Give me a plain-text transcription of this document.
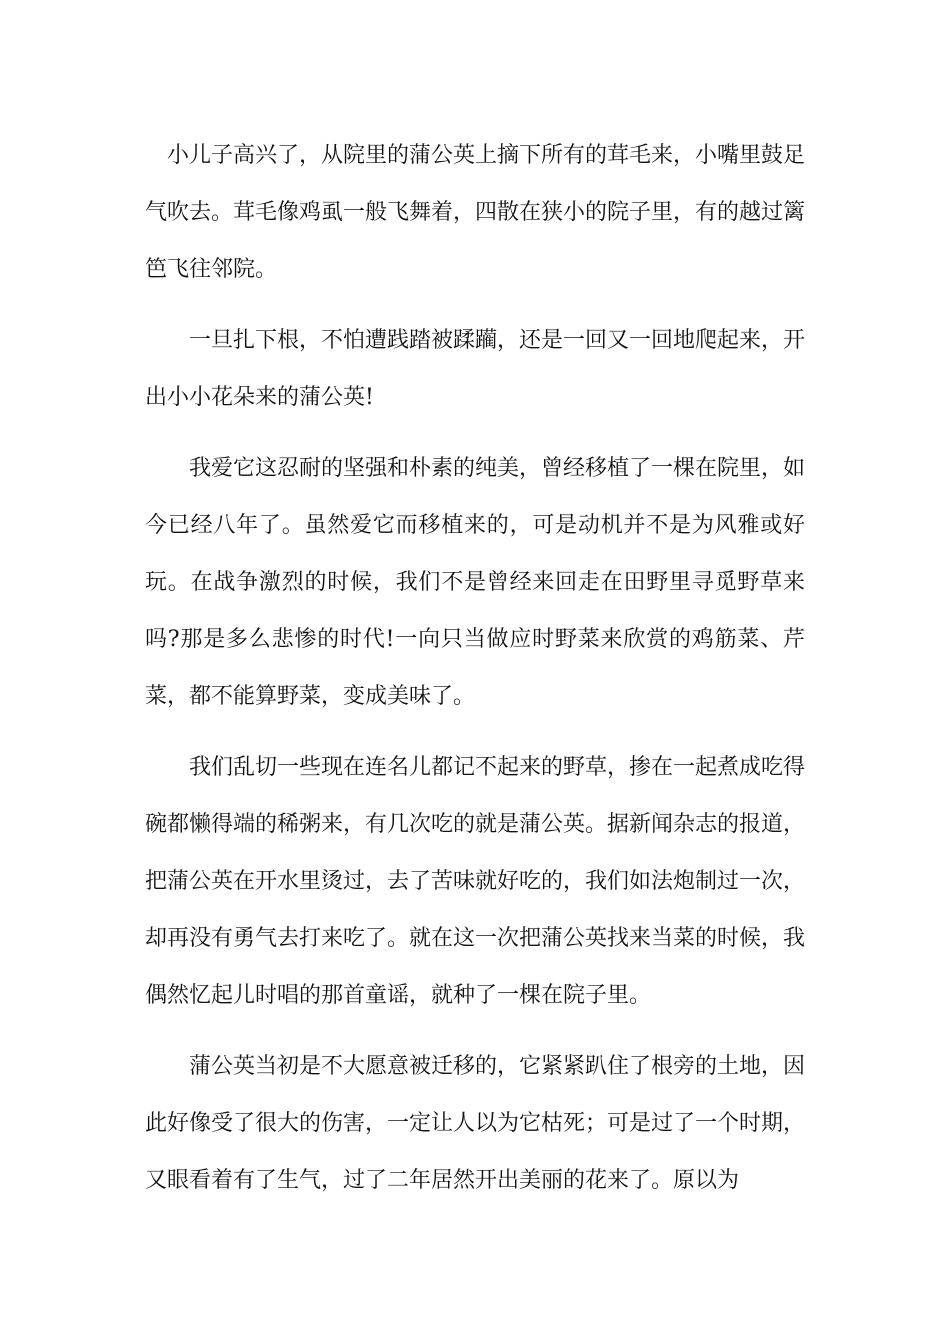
小儿子高兴了，从院里的蒲公英上摘下所有的茸毛来，小嘴里鼓足气吹去。茸毛像鸡虱一般飞舞着，四散在狭小的院子里，有的越过篱笆飞往邻院。

一旦扎下根，不怕遭践踏被蹂躏，还是一回又一回地爬起来，开出小小花朵来的蒲公英!

我爱它这忍耐的坚强和朴素的纯美，曾经移植了一棵在院里，如今已经八年了。虽然爱它而移植来的，可是动机并不是为风雅或好玩。在战争激烈的时候，我们不是曾经来回走在田野里寻觅野草来吗?那是多么悲惨的时代!一向只当做应时野菜来欣赏的鸡筋菜、芹菜，都不能算野菜，变成美味了。

我们乱切一些现在连名儿都记不起来的野草，掺在一起煮成吃得碗都懒得端的稀粥来，有几次吃的就是蒲公英。据新闻杂志的报道，把蒲公英在开水里烫过，去了苦味就好吃的，我们如法炮制过一次，却再没有勇气去打来吃了。就在这一次把蒲公英找来当菜的时候，我偶然忆起儿时唱的那首童谣，就种了一棵在院子里。

蒲公英当初是不大愿意被迁移的，它紧紧趴住了根旁的土地，因此好像受了很大的伤害，一定让人以为它枯死；可是过了一个时期，又眼看着有了生气，过了二年居然开出美丽的花来了。原以为
